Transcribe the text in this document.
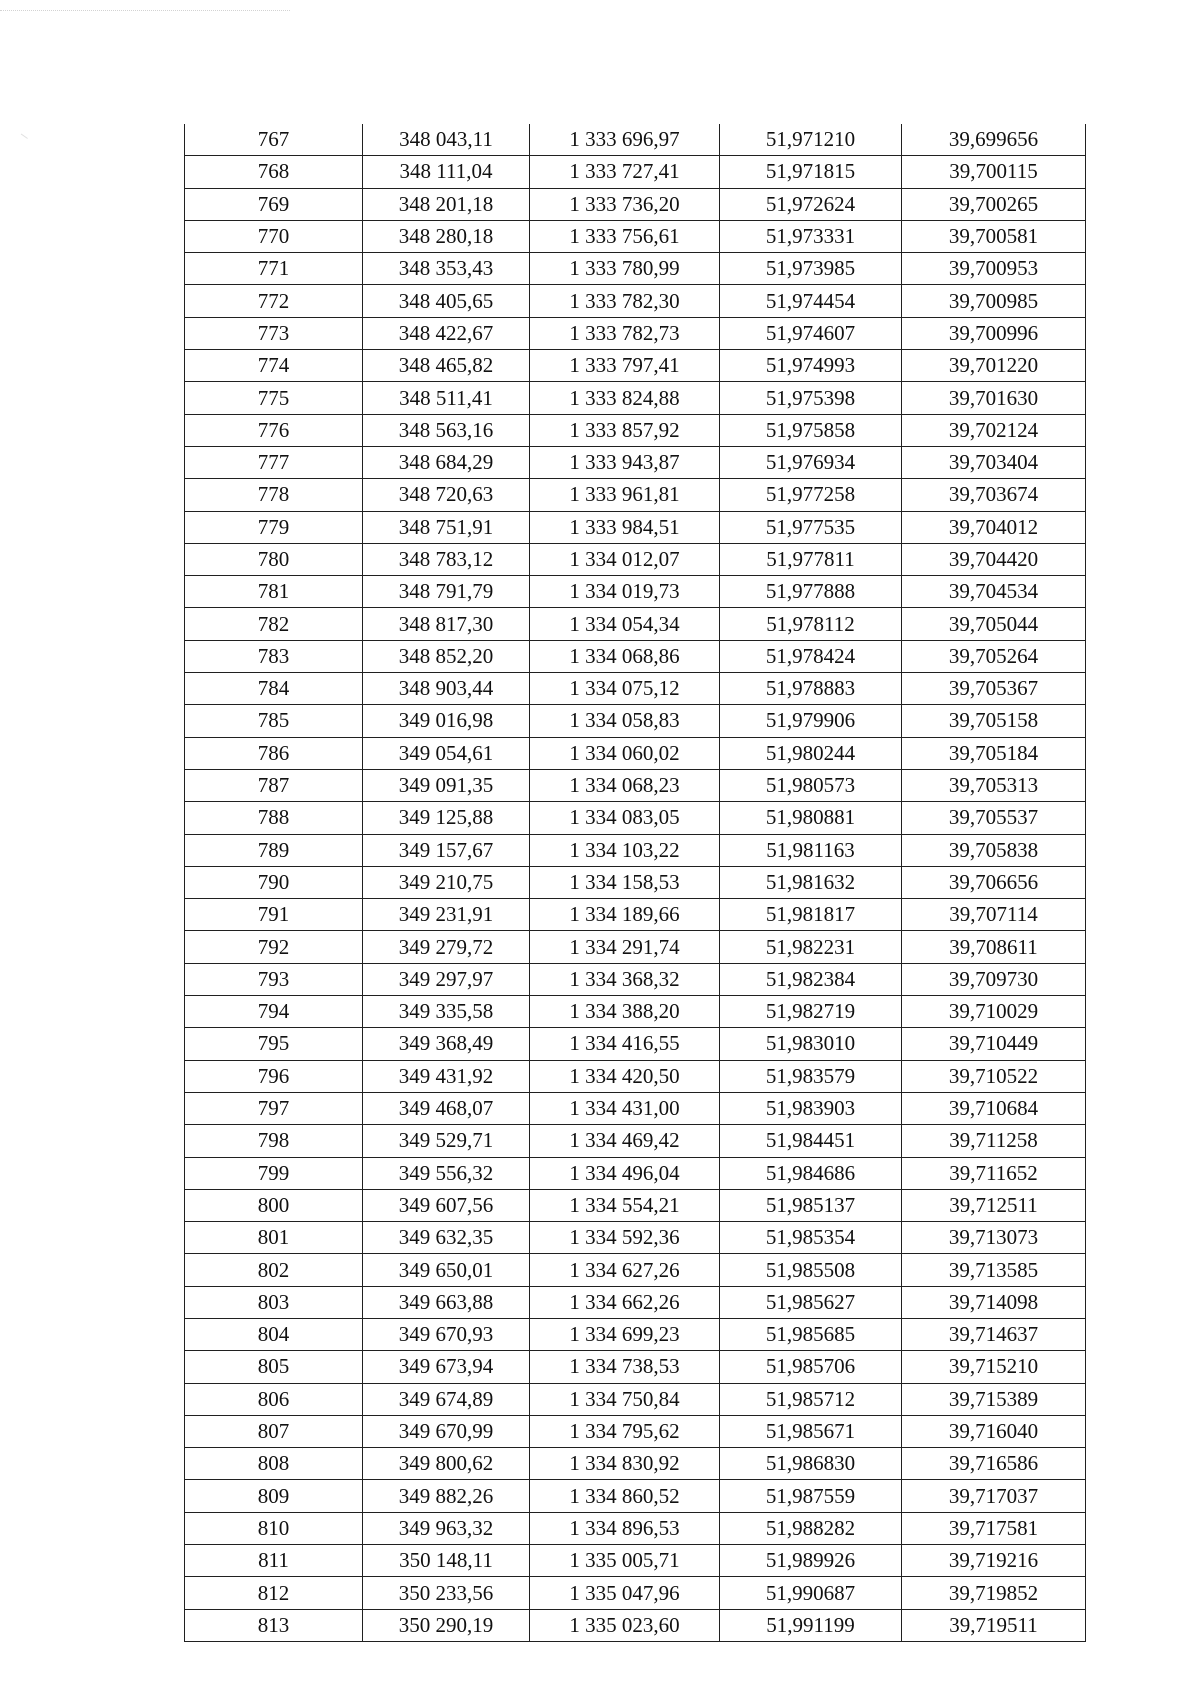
767	348 043,11	1 333 696,97	51,971210	39,699656
768	348 111,04	1 333 727,41	51,971815	39,700115
769	348 201,18	1 333 736,20	51,972624	39,700265
770	348 280,18	1 333 756,61	51,973331	39,700581
771	348 353,43	1 333 780,99	51,973985	39,700953
772	348 405,65	1 333 782,30	51,974454	39,700985
773	348 422,67	1 333 782,73	51,974607	39,700996
774	348 465,82	1 333 797,41	51,974993	39,701220
775	348 511,41	1 333 824,88	51,975398	39,701630
776	348 563,16	1 333 857,92	51,975858	39,702124
777	348 684,29	1 333 943,87	51,976934	39,703404
778	348 720,63	1 333 961,81	51,977258	39,703674
779	348 751,91	1 333 984,51	51,977535	39,704012
780	348 783,12	1 334 012,07	51,977811	39,704420
781	348 791,79	1 334 019,73	51,977888	39,704534
782	348 817,30	1 334 054,34	51,978112	39,705044
783	348 852,20	1 334 068,86	51,978424	39,705264
784	348 903,44	1 334 075,12	51,978883	39,705367
785	349 016,98	1 334 058,83	51,979906	39,705158
786	349 054,61	1 334 060,02	51,980244	39,705184
787	349 091,35	1 334 068,23	51,980573	39,705313
788	349 125,88	1 334 083,05	51,980881	39,705537
789	349 157,67	1 334 103,22	51,981163	39,705838
790	349 210,75	1 334 158,53	51,981632	39,706656
791	349 231,91	1 334 189,66	51,981817	39,707114
792	349 279,72	1 334 291,74	51,982231	39,708611
793	349 297,97	1 334 368,32	51,982384	39,709730
794	349 335,58	1 334 388,20	51,982719	39,710029
795	349 368,49	1 334 416,55	51,983010	39,710449
796	349 431,92	1 334 420,50	51,983579	39,710522
797	349 468,07	1 334 431,00	51,983903	39,710684
798	349 529,71	1 334 469,42	51,984451	39,711258
799	349 556,32	1 334 496,04	51,984686	39,711652
800	349 607,56	1 334 554,21	51,985137	39,712511
801	349 632,35	1 334 592,36	51,985354	39,713073
802	349 650,01	1 334 627,26	51,985508	39,713585
803	349 663,88	1 334 662,26	51,985627	39,714098
804	349 670,93	1 334 699,23	51,985685	39,714637
805	349 673,94	1 334 738,53	51,985706	39,715210
806	349 674,89	1 334 750,84	51,985712	39,715389
807	349 670,99	1 334 795,62	51,985671	39,716040
808	349 800,62	1 334 830,92	51,986830	39,716586
809	349 882,26	1 334 860,52	51,987559	39,717037
810	349 963,32	1 334 896,53	51,988282	39,717581
811	350 148,11	1 335 005,71	51,989926	39,719216
812	350 233,56	1 335 047,96	51,990687	39,719852
813	350 290,19	1 335 023,60	51,991199	39,719511
